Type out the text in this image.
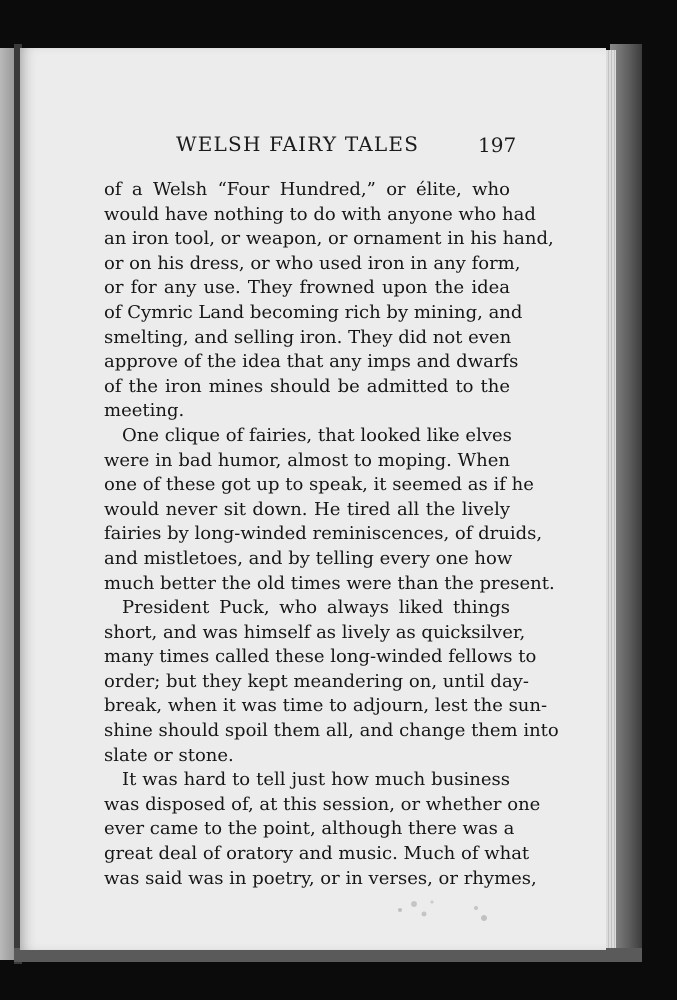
WELSH FAIRY TALES	197
of a Welsh “Four Hundred,” or élite, who
would have nothing to do with anyone who had
an iron tool, or weapon, or ornament in his hand,
or on his dress, or who used iron in any form,
or for any use. They frowned upon the idea
of Cymric Land becoming rich by mining, and
smelting, and selling iron. They did not even
approve of the idea that any imps and dwarfs
of the iron mines should be admitted to the
meeting.
One clique of fairies, that looked like elves
were in bad humor, almost to moping. When
one of these got up to speak, it seemed as if he
would never sit down. He tired all the lively
fairies by long-winded reminiscences, of druids,
and mistletoes, and by telling every one how
much better the old times were than the present.
President Puck, who always liked things
short, and was himself as lively as quicksilver,
many times called these long-winded fellows to
order; but they kept meandering on, until day-
break, when it was time to adjourn, lest the sun-
shine should spoil them all, and change them into
slate or stone.
It was hard to tell just how much business
was disposed of, at this session, or whether one
ever came to the point, although there was a
great deal of oratory and music. Much of what
was said was in poetry, or in verses, or rhymes,
